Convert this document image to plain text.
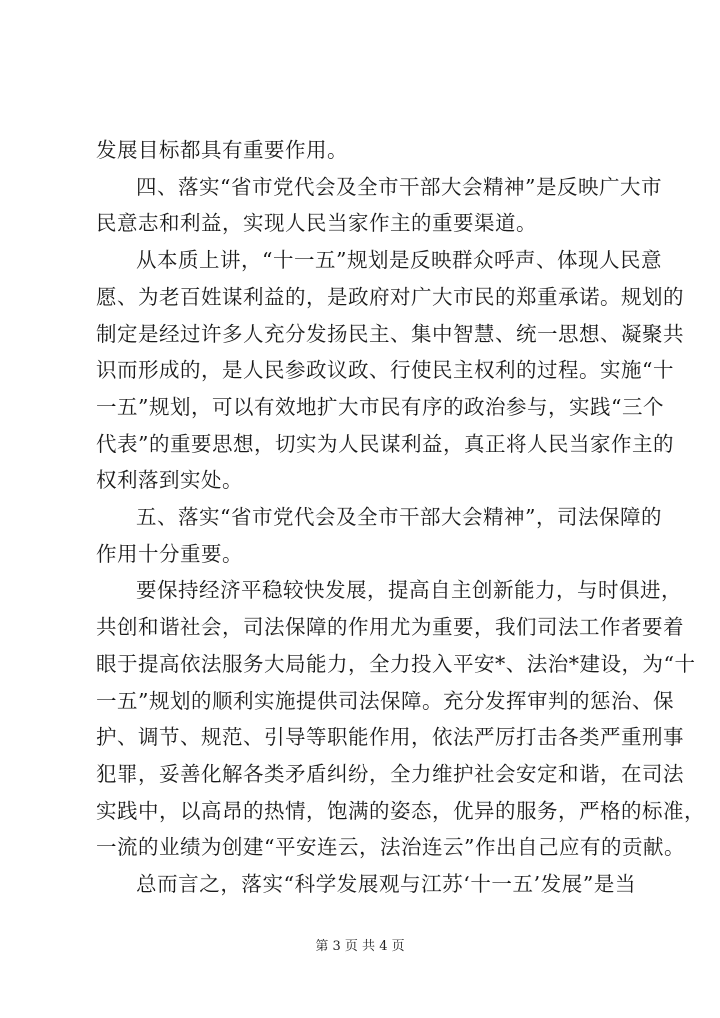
发展目标都具有重要作用。
四、落实“省市党代会及全市干部大会精神”是反映广大市
民意志和利益，实现人民当家作主的重要渠道。
从本质上讲，“十一五”规划是反映群众呼声、体现人民意
愿、为老百姓谋利益的，是政府对广大市民的郑重承诺。规划的
制定是经过许多人充分发扬民主、集中智慧、统一思想、凝聚共
识而形成的，是人民参政议政、行使民主权利的过程。实施“十
一五”规划，可以有效地扩大市民有序的政治参与，实践“三个
代表”的重要思想，切实为人民谋利益，真正将人民当家作主的
权利落到实处。
五、落实“省市党代会及全市干部大会精神”，司法保障的
作用十分重要。
要保持经济平稳较快发展，提高自主创新能力，与时俱进，
共创和谐社会，司法保障的作用尤为重要，我们司法工作者要着
眼于提高依法服务大局能力，全力投入平安*、法治*建设，为“十
一五”规划的顺利实施提供司法保障。充分发挥审判的惩治、保
护、调节、规范、引导等职能作用，依法严厉打击各类严重刑事
犯罪，妥善化解各类矛盾纠纷，全力维护社会安定和谐，在司法
实践中，以高昂的热情，饱满的姿态，优异的服务，严格的标准，
一流的业绩为创建“平安连云，法治连云”作出自己应有的贡献。
总而言之，落实“科学发展观与江苏‘十一五’发展”是当
第 3 页 共 4 页
